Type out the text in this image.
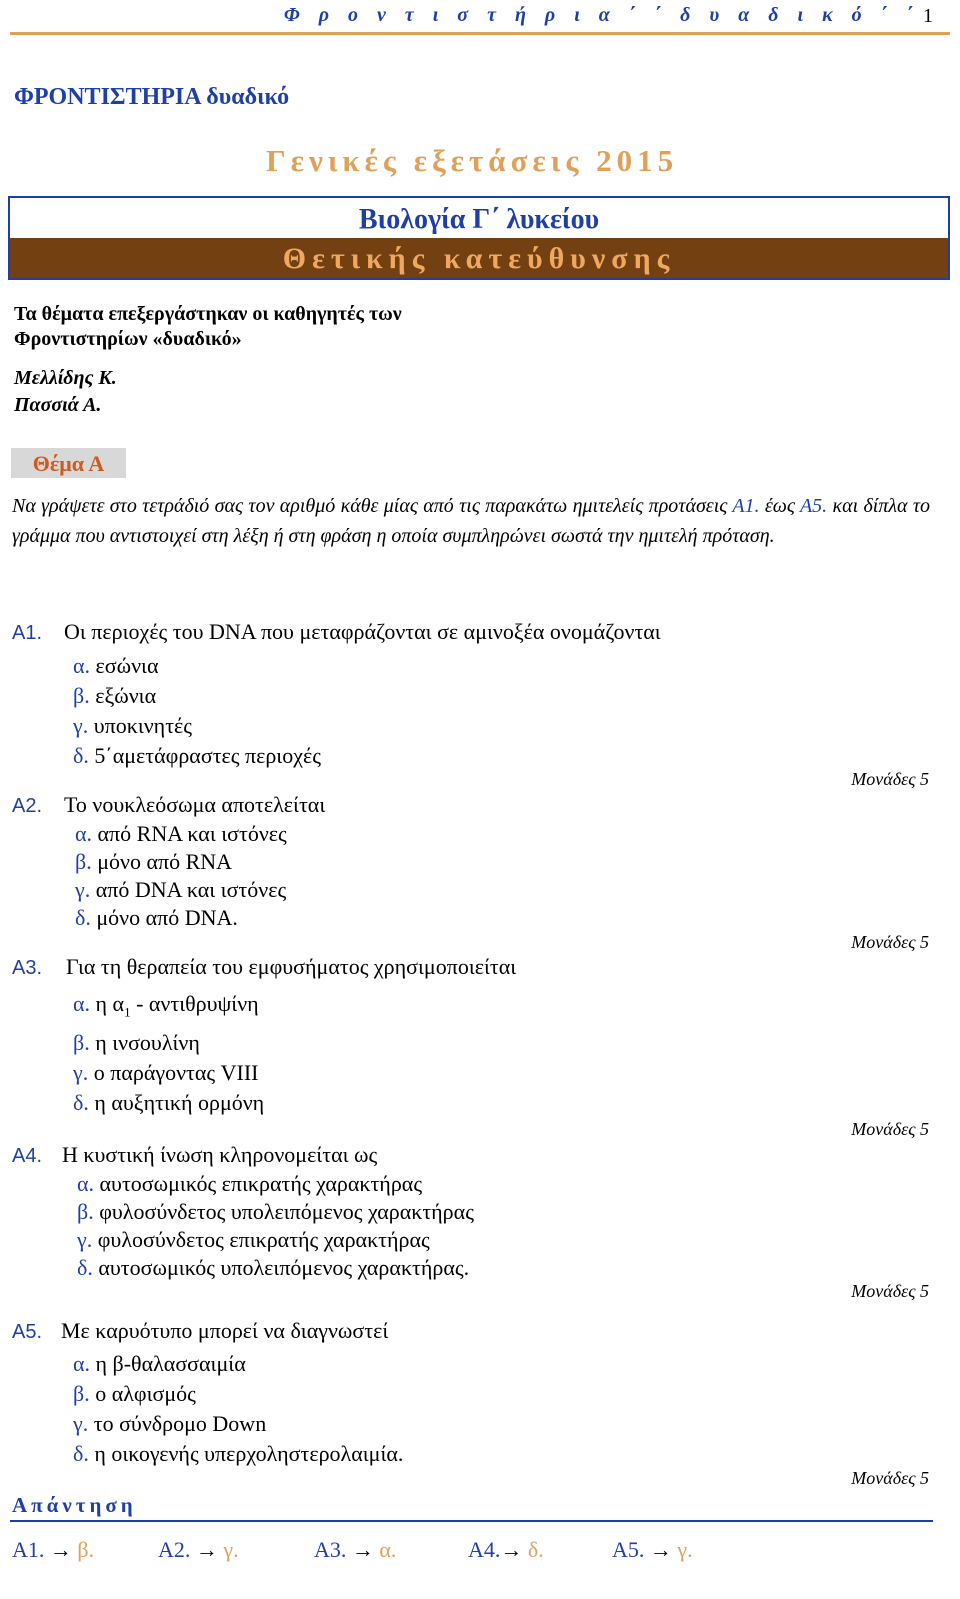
Φ ρ ο ν τ ι σ τ ή ρ ι α ΄ ΄ δ υ α δ ι κ ό ΄ ΄ 1
ΦΡΟΝΤΙΣΤΗΡΙΑ δυαδικό
Γενικές εξετάσεις 2015
Βιολογία Γ΄ λυκείου
Θετικής κατεύθυνσης
Τα θέματα επεξεργάστηκαν οι καθηγητές των
Φροντιστηρίων «δυαδικό»
Μελλίδης Κ.
Πασσιά Α.
Θέμα Α
Να γράψετε στο τετράδιό σας τον αριθμό κάθε μίας από τις παρακάτω ημιτελείς προτάσεις Α1. έως Α5. και δίπλα το γράμμα που αντιστοιχεί στη λέξη ή στη φράση η οποία συμπληρώνει σωστά την ημιτελή πρόταση.
Α1. Οι περιοχές του DNA που μεταφράζονται σε αμινοξέα ονομάζονται
α. εσώνια
β. εξώνια
γ. υποκινητές
δ. 5΄αμετάφραστες περιοχές
Μονάδες 5
Α2. Το νουκλεόσωμα αποτελείται
α. από RNA και ιστόνες
β. μόνο από RNA
γ. από DNA και ιστόνες
δ. μόνο από DNA.
Μονάδες 5
Α3. Για τη θεραπεία του εμφυσήματος χρησιμοποιείται
α. η $\alpha_1$ - αντιθρυψίνη
β. η ινσουλίνη
γ. ο παράγοντας VIII
δ. η αυξητική ορμόνη
Μονάδες 5
Α4. Η κυστική ίνωση κληρονομείται ως
α. αυτοσωμικός επικρατής χαρακτήρας
β. φυλοσύνδετος υπολειπόμενος χαρακτήρας
γ. φυλοσύνδετος επικρατής χαρακτήρας
δ. αυτοσωμικός υπολειπόμενος χαρακτήρας.
Μονάδες 5
Α5. Με καρυότυπο μπορεί να διαγνωστεί
α. η β-θαλασσαιμία
β. ο αλφισμός
γ. το σύνδρομο Down
δ. η οικογενής υπερχοληστερολαιμία.
Μονάδες 5
Απάντηση
Α1. → β.	Α2. → γ.	Α3. → α.	Α4.→ δ.	Α5. → γ.
